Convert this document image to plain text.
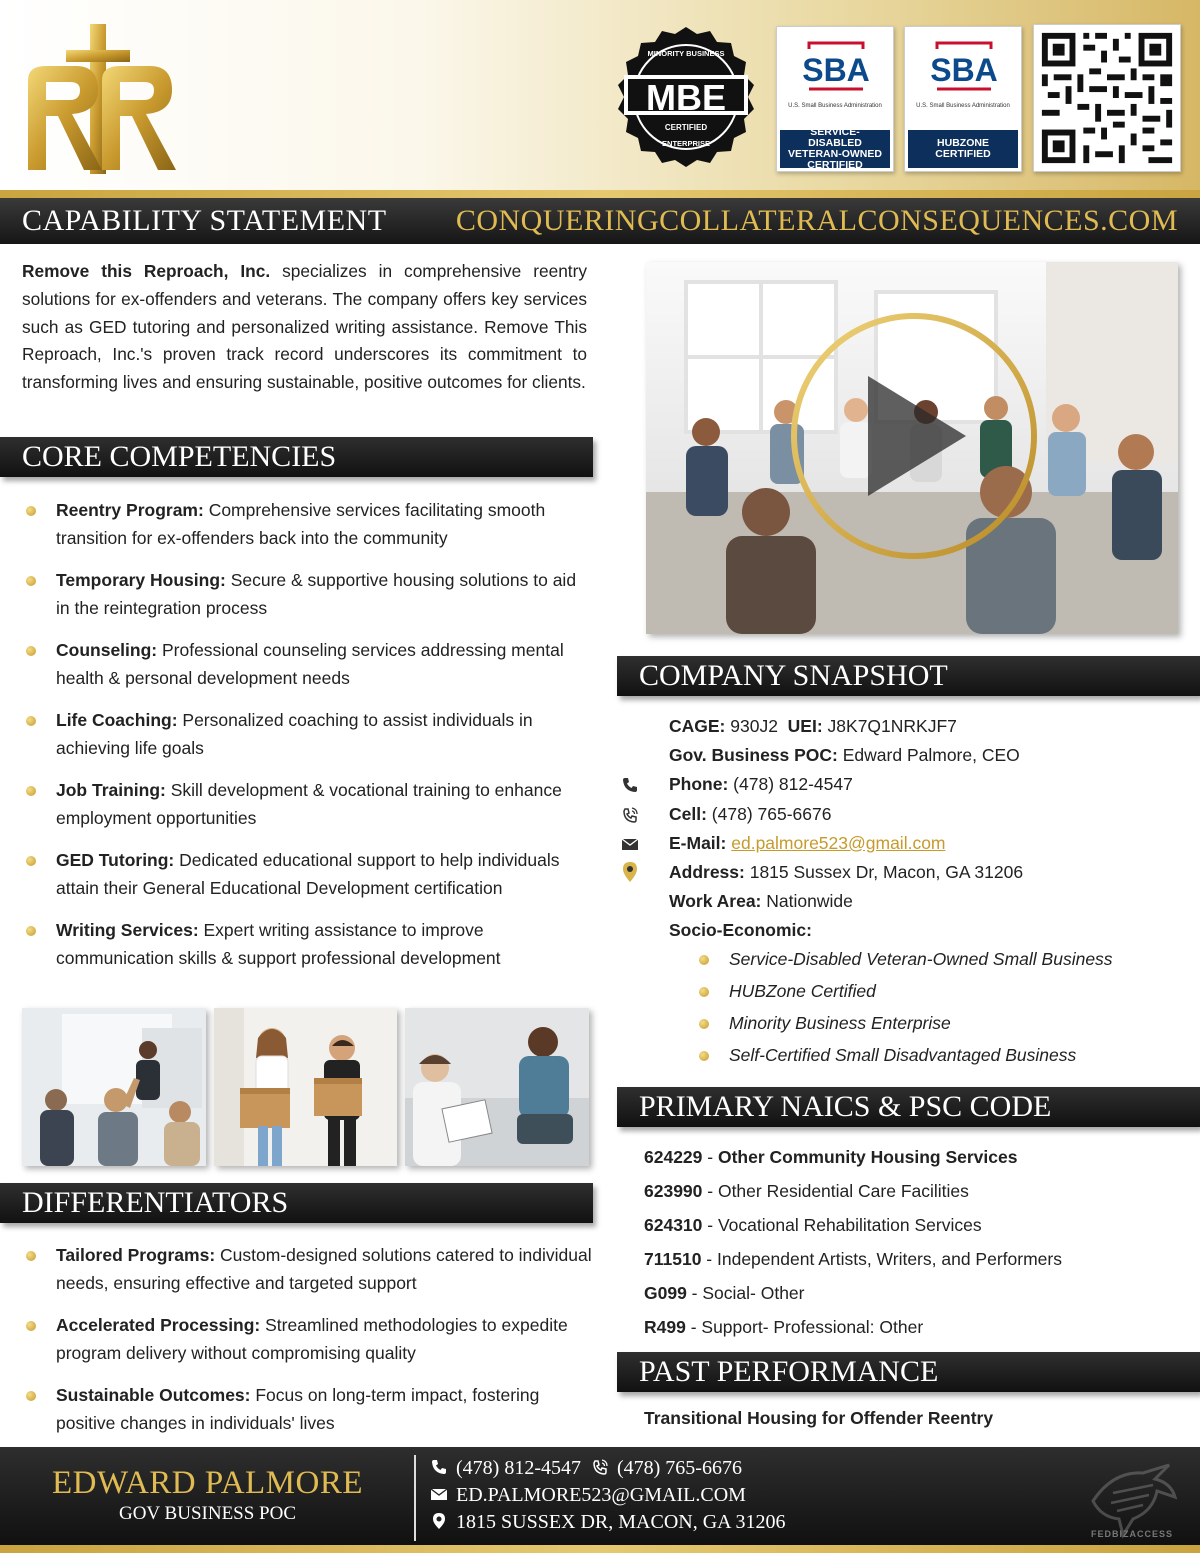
MBE
CERTIFIED
MINORITY BUSINESS
ENTERPRISE
SBA
U.S. Small Business Administration
SERVICE-DISABLED VETERAN-OWNED CERTIFIED
SBA
U.S. Small Business Administration
HUBZONE CERTIFIED
CAPABILITY STATEMENT CONQUERINGCOLLATERALCONSEQUENCES.COM

Remove this Reproach, Inc. specializes in comprehensive reentry solutions for ex-offenders and veterans. The company offers key services such as GED tutoring and personalized writing assistance. Remove This Reproach, Inc.'s proven track record underscores its commitment to transforming lives and ensuring sustainable, positive outcomes for clients.

CORE COMPETENCIES
Reentry Program: Comprehensive services facilitating smooth transition for ex-offenders back into the community
Temporary Housing: Secure & supportive housing solutions to aid in the reintegration process
Counseling: Professional counseling services addressing mental health & personal development needs
Life Coaching: Personalized coaching to assist individuals in achieving life goals
Job Training: Skill development & vocational training to enhance employment opportunities
GED Tutoring: Dedicated educational support to help individuals attain their General Educational Development certification
Writing Services: Expert writing assistance to improve communication skills & support professional development
DIFFERENTIATORS
Tailored Programs: Custom-designed solutions catered to individual needs, ensuring effective and targeted support
Accelerated Processing: Streamlined methodologies to expedite program delivery without compromising quality
Sustainable Outcomes: Focus on long-term impact, fostering positive changes in individuals' lives
COMPANY SNAPSHOT
CAGE: 930J2 UEI: J8K7Q1NRKJF7
Gov. Business POC: Edward Palmore, CEO
Phone: (478) 812-4547
Cell: (478) 765-6676
E-Mail: ed.palmore523@gmail.com
Address: 1815 Sussex Dr, Macon, GA 31206
Work Area: Nationwide
Socio-Economic:
Service-Disabled Veteran-Owned Small Business
HUBZone Certified
Minority Business Enterprise
Self-Certified Small Disadvantaged Business
PRIMARY NAICS & PSC CODE
624229 - Other Community Housing Services
623990 - Other Residential Care Facilities
624310 - Vocational Rehabilitation Services
711510 - Independent Artists, Writers, and Performers
G099 - Social- Other
R499 - Support- Professional: Other
PAST PERFORMANCE
Transitional Housing for Offender Reentry
EDWARD PALMORE
GOV BUSINESS POC
(478) 812-4547 (478) 765-6676
ED.PALMORE523@GMAIL.COM
1815 SUSSEX DR, MACON, GA 31206
FEDBIZACCESS
